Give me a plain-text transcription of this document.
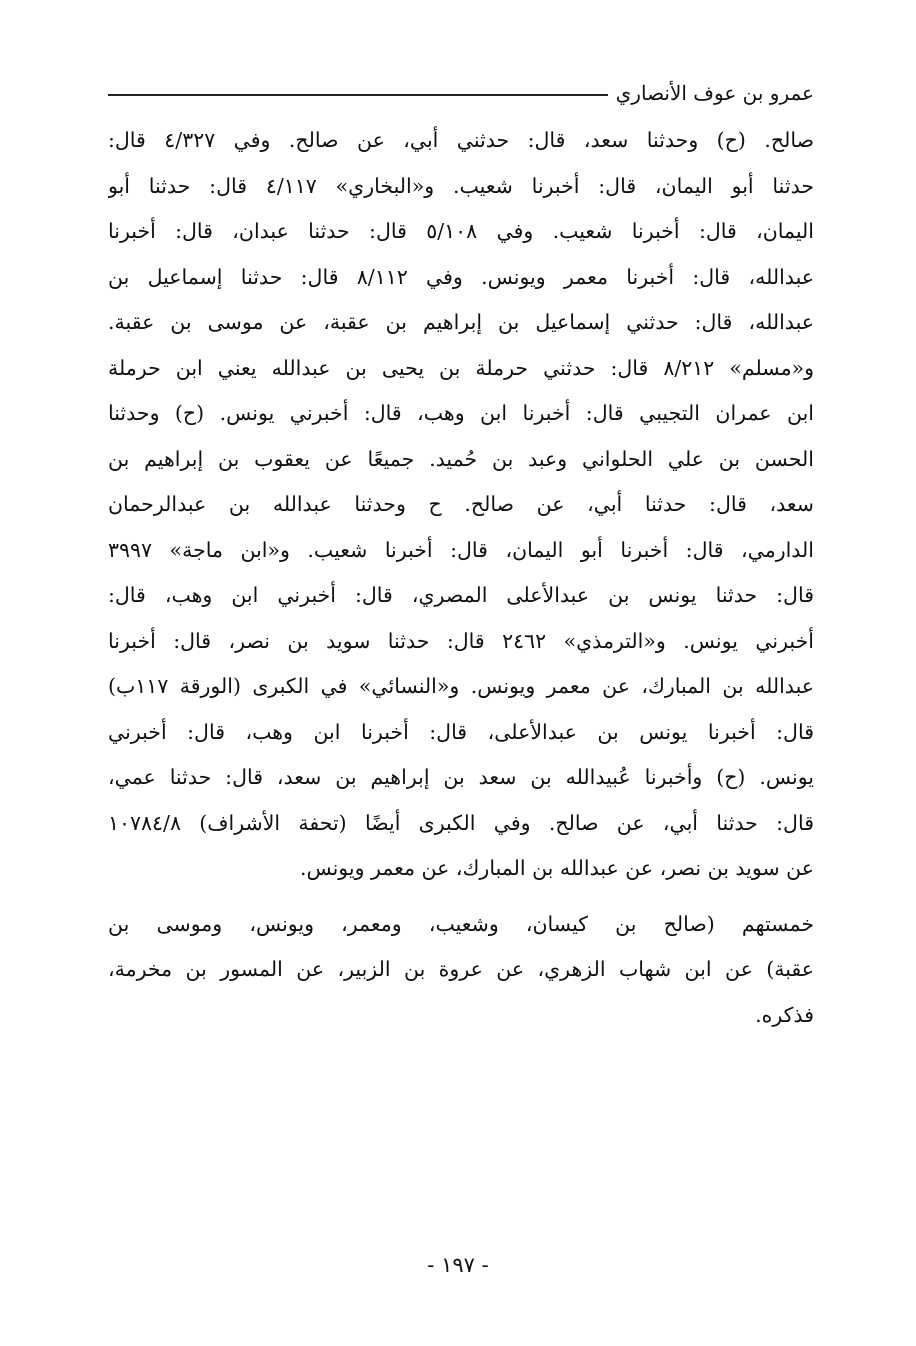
عمرو بن عوف الأنصاري
صالح. (ح) وحدثنا سعد، قال: حدثني أبي، عن صالح. وفي ٤/٣٢٧ قال:
حدثنا أبو اليمان، قال: أخبرنا شعيب. و«البخاري» ٤/١١٧ قال: حدثنا أبو
اليمان، قال: أخبرنا شعيب. وفي ٥/١٠٨ قال: حدثنا عبدان، قال: أخبرنا
عبدالله، قال: أخبرنا معمر ويونس. وفي ٨/١١٢ قال: حدثنا إسماعيل بن
عبدالله، قال: حدثني إسماعيل بن إبراهيم بن عقبة، عن موسى بن عقبة.
و«مسلم» ٨/٢١٢ قال: حدثني حرملة بن يحيى بن عبدالله يعني ابن حرملة
ابن عمران التجيبي قال: أخبرنا ابن وهب، قال: أخبرني يونس. (ح) وحدثنا
الحسن بن علي الحلواني وعبد بن حُميد. جميعًا عن يعقوب بن إبراهيم بن
سعد، قال: حدثنا أبي، عن صالح. ح وحدثنا عبدالله بن عبدالرحمان
الدارمي، قال: أخبرنا أبو اليمان، قال: أخبرنا شعيب. و«ابن ماجة» ٣٩٩٧
قال: حدثنا يونس بن عبدالأعلى المصري، قال: أخبرني ابن وهب، قال:
أخبرني يونس. و«الترمذي» ٢٤٦٢ قال: حدثنا سويد بن نصر، قال: أخبرنا
عبدالله بن المبارك، عن معمر ويونس. و«النسائي» في الكبرى (الورقة ١١٧ب)
قال: أخبرنا يونس بن عبدالأعلى، قال: أخبرنا ابن وهب، قال: أخبرني
يونس. (ح) وأخبرنا عُبيدالله بن سعد بن إبراهيم بن سعد، قال: حدثنا عمي،
قال: حدثنا أبي، عن صالح. وفي الكبرى أيضًا (تحفة الأشراف) ١٠٧٨٤/٨
عن سويد بن نصر، عن عبدالله بن المبارك، عن معمر ويونس.
خمستهم (صالح بن كيسان، وشعيب، ومعمر، ويونس، وموسى بن
عقبة) عن ابن شهاب الزهري، عن عروة بن الزبير، عن المسور بن مخرمة،
فذكره.
- ١٩٧ -
